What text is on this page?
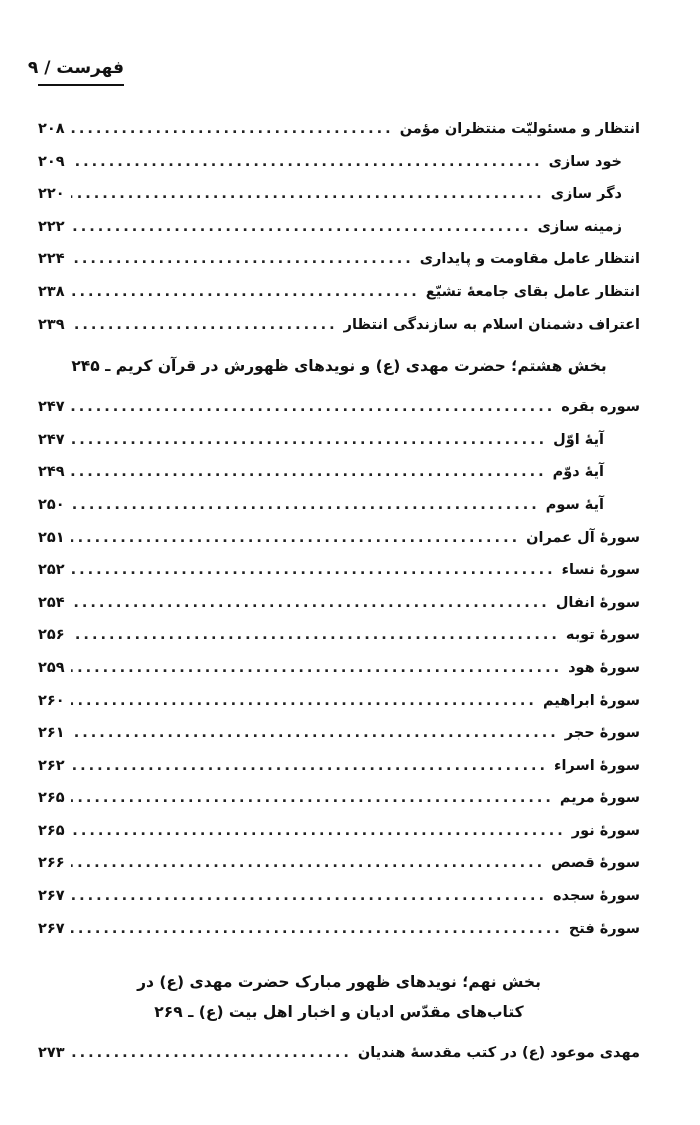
فهرست / ۹
انتظار و مسئولیّت منتظران مؤمن
.....
۲۰۸
خود سازی
.....
۲۰۹
دگر سازی
.....
۲۲۰
زمینه سازی
.....
۲۲۲
انتظار عامل مقاومت و پایداری
.....
۲۲۴
انتظار عامل بقای جامعهٔ تشیّع
.....
۲۳۸
اعتراف دشمنان اسلام به سازندگی انتظار
.....
۲۳۹
بخش هشتم؛ حضرت مهدی (ع) و نویدهای ظهورش در قرآن کریم ـ ۲۴۵
سوره بقره
.....
۲۴۷
آیهٔ اوّل
.....
۲۴۷
آیهٔ دوّم
.....
۲۴۹
آیهٔ سوم
.....
۲۵۰
سورهٔ آل عمران
.....
۲۵۱
سورهٔ نساء
.....
۲۵۲
سورهٔ انفال
.....
۲۵۴
سورهٔ توبه
.....
۲۵۶
سورهٔ هود
.....
۲۵۹
سورهٔ ابراهیم
.....
۲۶۰
سورهٔ حجر
.....
۲۶۱
سورهٔ اسراء
.....
۲۶۲
سورهٔ مریم
.....
۲۶۵
سورهٔ نور
.....
۲۶۵
سورهٔ قصص
.....
۲۶۶
سورهٔ سجده
.....
۲۶۷
سورهٔ فتح
.....
۲۶۷
بخش نهم؛ نویدهای ظهور مبارک حضرت مهدی (ع) در
کتاب‌های مقدّس ادیان و اخبار اهل بیت (ع) ـ ۲۶۹
مهدی موعود (ع) در کتب مقدسهٔ هندیان
.....
۲۷۳
